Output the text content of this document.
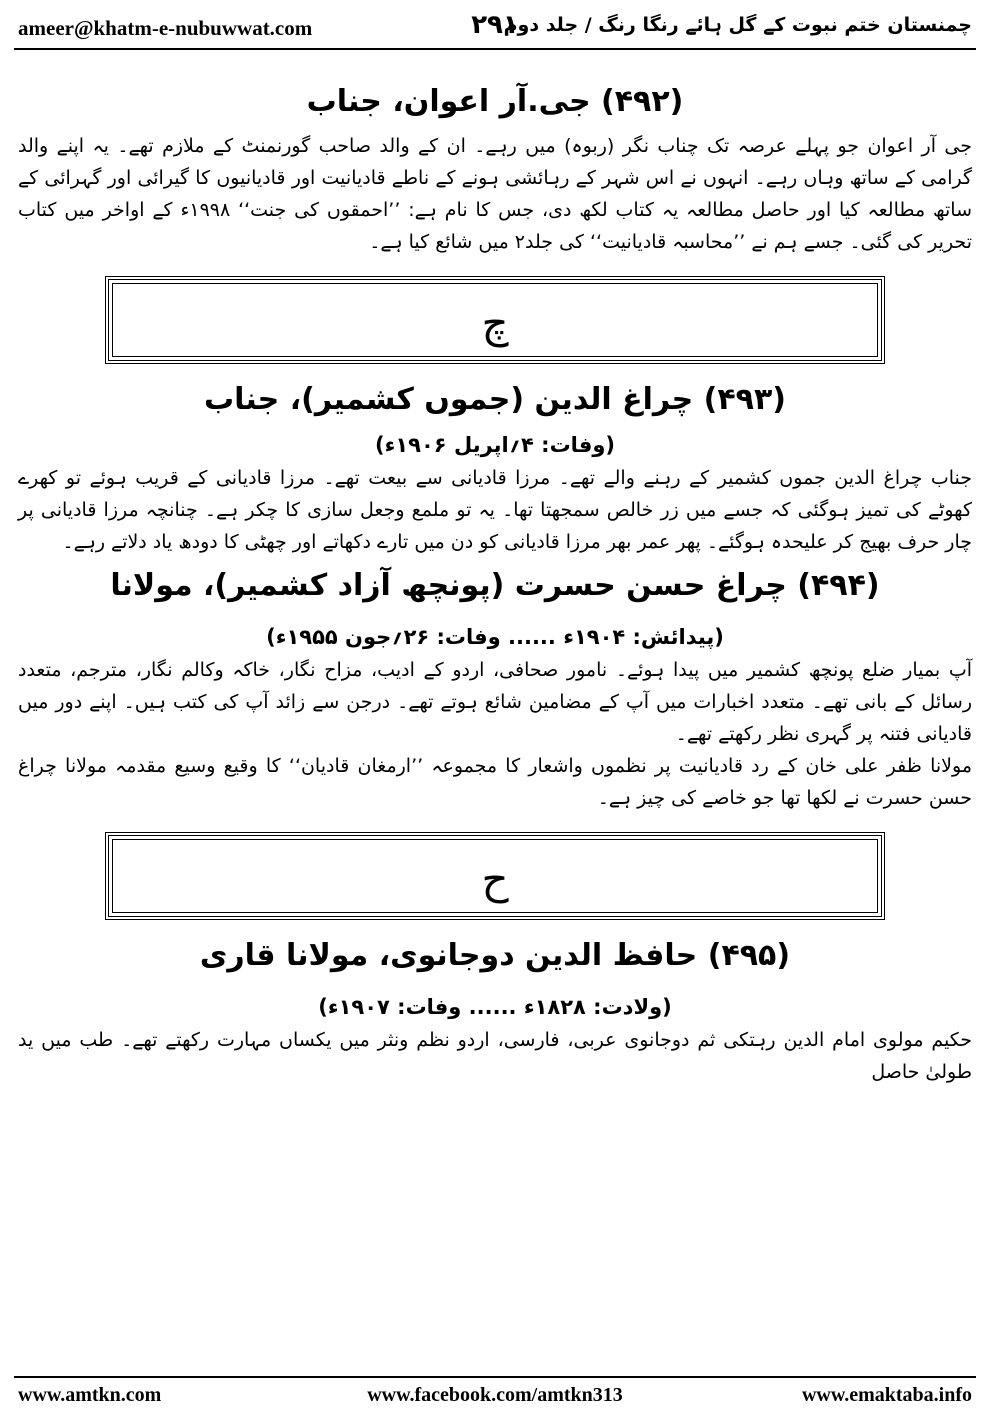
ameer@khatm-e-nubuwwat.com	۲۹۱
چمنستان ختم نبوت کے گل ہائے رنگا رنگ / جلد دوم
(۴۹۲) جی.آر اعوان، جناب

جی آر اعوان جو پہلے عرصہ تک چناب نگر (ربوہ) میں رہے۔ ان کے والد صاحب گورنمنٹ کے ملازم تھے۔ یہ اپنے والد گرامی کے ساتھ وہاں رہے۔ انہوں نے اس شہر کے رہائشی ہونے کے ناطے قادیانیت اور قادیانیوں کا گیرائی اور گہرائی کے ساتھ مطالعہ کیا اور حاصل مطالعہ یہ کتاب لکھ دی، جس کا نام ہے: ’’احمقوں کی جنت‘‘ ۱۹۹۸ء کے اواخر میں کتاب تحریر کی گئی۔ جسے ہم نے ’’محاسبہ قادیانیت‘‘ کی جلد۲ میں شائع کیا ہے۔

چ
(۴۹۳) چراغ الدین (جموں کشمیر)، جناب

(وفات: ۴؍اپریل ۱۹۰۶ء)

جناب چراغ الدین جموں کشمیر کے رہنے والے تھے۔ مرزا قادیانی سے بیعت تھے۔ مرزا قادیانی کے قریب ہوئے تو کھرے کھوٹے کی تمیز ہوگئی کہ جسے میں زر خالص سمجھتا تھا۔ یہ تو ملمع وجعل سازی کا چکر ہے۔ چنانچہ مرزا قادیانی پر چار حرف بھیج کر علیحدہ ہوگئے۔ پھر عمر بھر مرزا قادیانی کو دن میں تارے دکھاتے اور چھٹی کا دودھ یاد دلاتے رہے۔

(۴۹۴) چراغ حسن حسرت (پونچھ آزاد کشمیر)، مولانا

(پیدائش: ۱۹۰۴ء ...... وفات: ۲۶؍جون ۱۹۵۵ء)

آپ بمیار ضلع پونچھ کشمیر میں پیدا ہوئے۔ نامور صحافی، اردو کے ادیب، مزاح نگار، خاکہ وکالم نگار، مترجم، متعدد رسائل کے بانی تھے۔ متعدد اخبارات میں آپ کے مضامین شائع ہوتے تھے۔ درجن سے زائد آپ کی کتب ہیں۔ اپنے دور میں قادیانی فتنہ پر گہری نظر رکھتے تھے۔

مولانا ظفر علی خان کے رد قادیانیت پر نظموں واشعار کا مجموعہ ’’ارمغان قادیان‘‘ کا وقیع وسیع مقدمہ مولانا چراغ حسن حسرت نے لکھا تھا جو خاصے کی چیز ہے۔

ح
(۴۹۵) حافظ الدین دوجانوی، مولانا قاری

(ولادت: ۱۸۲۸ء ...... وفات: ۱۹۰۷ء)

حکیم مولوی امام الدین رہتکی ثم دوجانوی عربی، فارسی، اردو نظم ونثر میں یکساں مہارت رکھتے تھے۔ طب میں ید طولیٰ حاصل

www.amtkn.com	www.facebook.com/amtkn313	www.emaktaba.info
